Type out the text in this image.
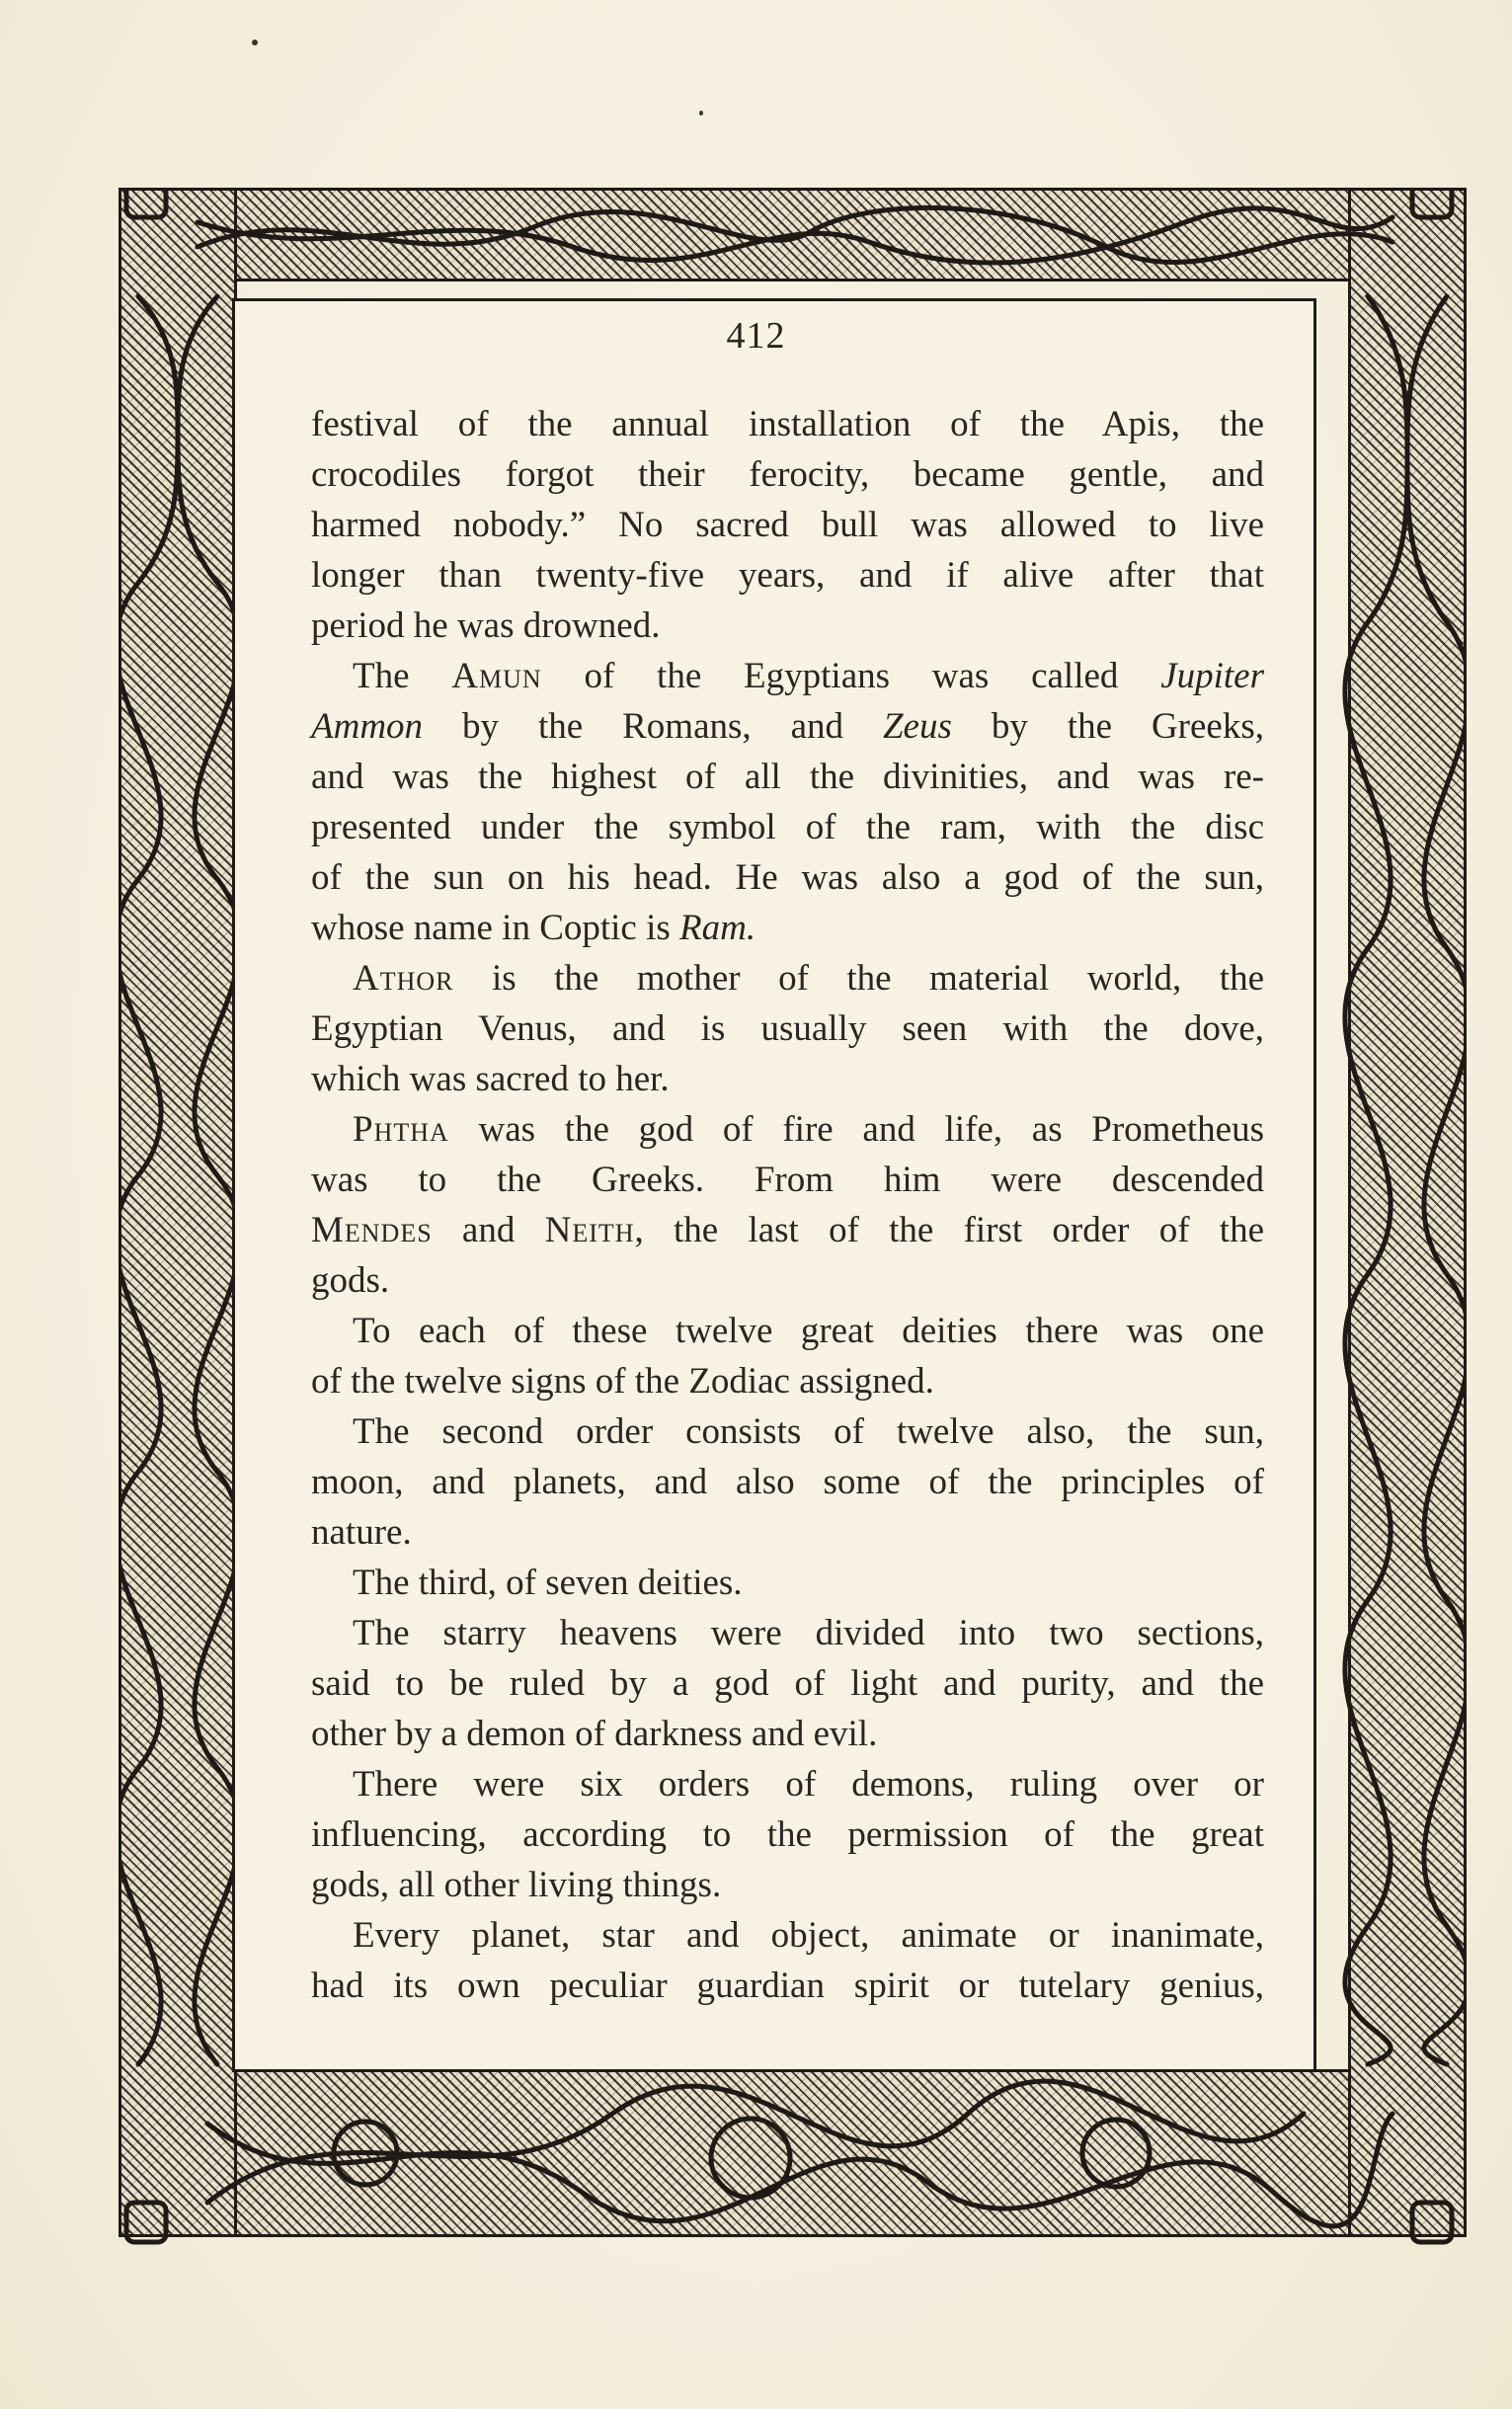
412
festival of the annual installation of the Apis, the
crocodiles forgot their ferocity, became gentle, and
harmed nobody.” No sacred bull was allowed to live
longer than twenty-five years, and if alive after that
period he was drowned.
The Amun of the Egyptians was called Jupiter
Ammon by the Romans, and Zeus by the Greeks,
and was the highest of all the divinities, and was re-
presented under the symbol of the ram, with the disc
of the sun on his head. He was also a god of the sun,
whose name in Coptic is Ram.
Athor is the mother of the material world, the
Egyptian Venus, and is usually seen with the dove,
which was sacred to her.
Phtha was the god of fire and life, as Prometheus
was to the Greeks. From him were descended
Mendes and Neith, the last of the first order of the
gods.
To each of these twelve great deities there was one
of the twelve signs of the Zodiac assigned.
The second order consists of twelve also, the sun,
moon, and planets, and also some of the principles of
nature.
The third, of seven deities.
The starry heavens were divided into two sections,
said to be ruled by a god of light and purity, and the
other by a demon of darkness and evil.
There were six orders of demons, ruling over or
influencing, according to the permission of the great
gods, all other living things.
Every planet, star and object, animate or inanimate,
had its own peculiar guardian spirit or tutelary genius,
